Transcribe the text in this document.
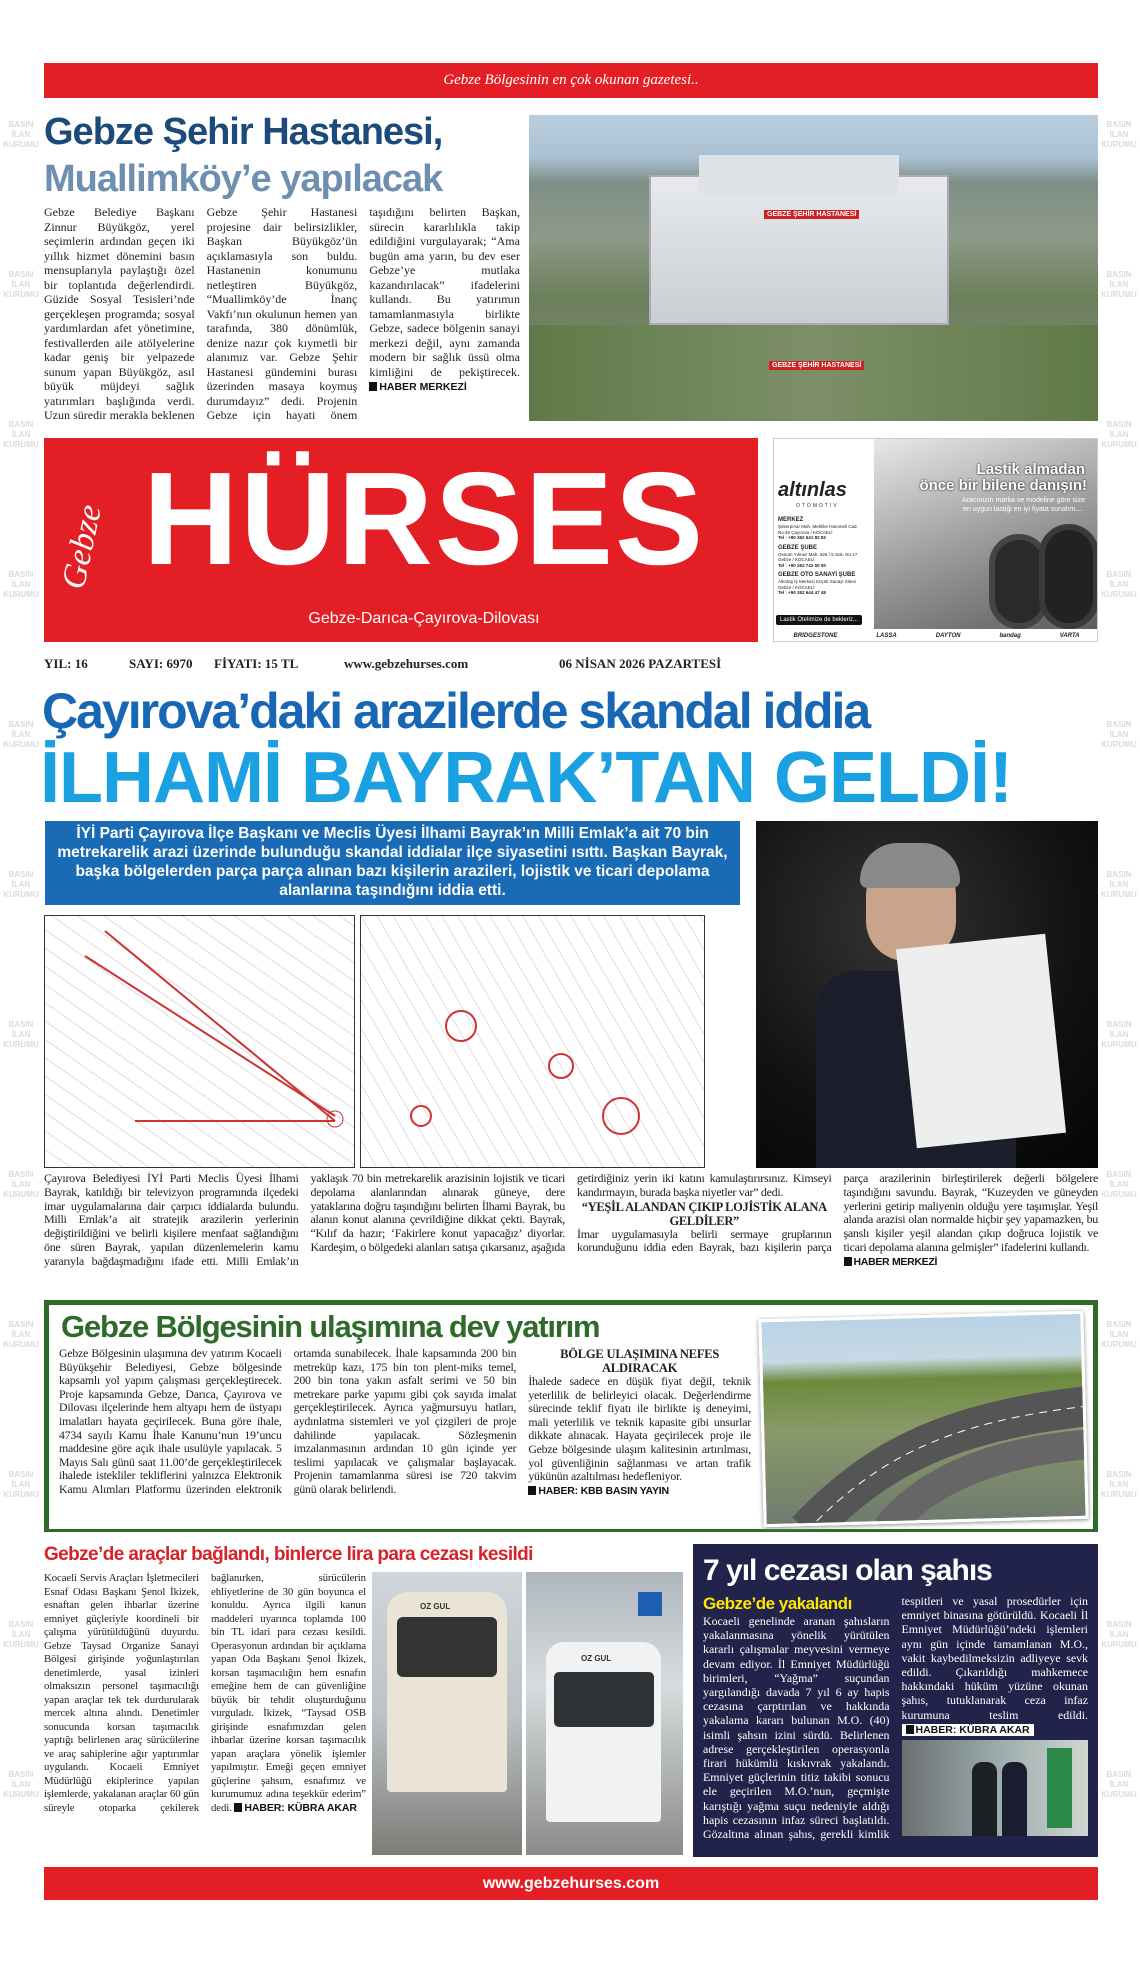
Gebze Bölgesinin en çok okunan gazetesi..
Gebze Şehir Hastanesi,
Muallimköy’e yapılacak
Gebze Belediye Başkanı Zinnur Büyükgöz, yerel seçimlerin ardından geçen iki yıllık hizmet dönemini basın mensuplarıyla paylaştığı özel bir toplantıda değerlendirdi. Güzide Sosyal Tesisleri’nde gerçekleşen programda; sosyal yardımlardan afet yönetimine, festivallerden aile atölyelerine kadar geniş bir yelpazede sunum yapan Büyükgöz, asıl büyük müjdeyi sağlık yatırımları başlığında verdi. Uzun süredir merakla beklenen Gebze Şehir Hastanesi projesine dair belirsizlikler, Başkan Büyükgöz’ün açıklamasıyla son buldu. Hastanenin konumunu netleştiren Büyükgöz, “Muallimköy’de İnanç Vakfı’nın okulunun hemen yan tarafında, 380 dönümlük, denize nazır çok kıymetli bir alanımız var. Gebze Şehir Hastanesi gündemini burası üzerinden masaya koymuş durumdayız” dedi. Projenin Gebze için hayati önem taşıdığını belirten Başkan, sürecin kararlılıkla takip edildiğini vurgulayarak; “Ama bugün ama yarın, bu dev eser Gebze’ye mutlaka kazandırılacak” ifadelerini kullandı. Bu yatırımın tamamlanmasıyla birlikte Gebze, sadece bölgenin sanayi merkezi değil, aynı zamanda modern bir sağlık üssü olma kimliğini de pekiştirecek. HABER MERKEZİ
GEBZE ŞEHİR HASTANESİ
GEBZE ŞEHİR HASTANESİ
Gebze HÜRSES
Gebze-Darıca-Çayırova-Dilovası
altınlas
OTOMOTİV
Lastik almadan
önce bir bilene danışın!
Aracınızın marka ve modeline göre size
en uygun lastiği en iyi fiyata sunalım....
MERKEZ
Şekerpınar Mah. Mehlike Hanımeli Cad. No:46 Çayırova / KOCAELİ
Tel : +90 262 641 82 82
GEBZE ŞUBE
Osman Yılmaz Mah. 626 / 5 Sok. No:17 Gebze / KOCAELİ
Tel : +90 262 742 00 00
GEBZE OTO SANAYİ ŞUBE
Altıntaş İş Merkezi Küçük Sanayi Sitesi Gebze / KOCAELİ
Tel : +90 262 644 47 48
Lastik Otelimize de bekleriz...
BRIDGESTONE	LASSA	DAYTON	bandag	VARTA
YIL: 16	SAYI: 6970 FİYATI: 15 TL	www.gebzehurses.com	06 NİSAN 2026 PAZARTESİ
Çayırova’daki arazilerde skandal iddia
İLHAMİ BAYRAK’TAN GELDİ!
İYİ Parti Çayırova İlçe Başkanı ve Meclis Üyesi İlhami Bayrak’ın Milli Emlak’a ait 70 bin metrekarelik arazi üzerinde bulunduğu skandal iddialar ilçe siyasetini ısıttı. Başkan Bayrak, başka bölgelerden parça parça alınan bazı kişilerin arazileri, lojistik ve ticari depolama alanlarına taşındığını iddia etti.
Çayırova Belediyesi İYİ Parti Meclis Üyesi İlhami Bayrak, katıldığı bir televizyon programında ilçedeki imar uygulamalarına dair çarpıcı iddialarda bulundu. Milli Emlak’a ait stratejik arazilerin yerlerinin değiştirildiğini ve belirli kişilere menfaat sağlandığını öne süren Bayrak, yapılan düzenlemelerin kamu yararıyla bağdaşmadığını ifade etti. Milli Emlak’ın yaklaşık 70 bin metrekarelik arazisinin lojistik ve ticari depolama alanlarından alınarak güneye, dere yataklarına doğru taşındığını belirten İlhami Bayrak, bu alanın konut alanına çevrildiğine dikkat çekti. Bayrak, “Kılıf da hazır; ‘Fakirlere konut yapacağız’ diyorlar. Kardeşim, o bölgedeki alanları satışa çıkarsanız, aşağıda getirdiğiniz yerin iki katını kamulaştırırsınız. Kimseyi kandırmayın, burada başka niyetler var” dedi.
“YEŞİL ALANDAN ÇIKIP LOJİSTİK ALANA GELDİLER”
İmar uygulamasıyla belirli sermaye gruplarının korunduğunu iddia eden Bayrak, bazı kişilerin parça parça arazilerinin birleştirilerek değerli bölgelere taşındığını savundu. Bayrak, “Kuzeyden ve güneyden yerlerini getirip maliyenin olduğu yere taşımışlar. Yeşil alanda arazisi olan normalde hiçbir şey yapamazken, bu şanslı kişiler yeşil alandan çıkıp doğruca lojistik ve ticari depolama alanına gelmişler” ifadelerini kullandı.
HABER MERKEZİ
Gebze Bölgesinin ulaşımına dev yatırım
Gebze Bölgesinin ulaşımına dev yatırım Kocaeli Büyükşehir Belediyesi, Gebze bölgesinde kapsamlı yol yapım çalışması gerçekleştirecek. Proje kapsamında Gebze, Darıca, Çayırova ve Dilovası ilçelerinde hem altyapı hem de üstyapı imalatları hayata geçirilecek. Buna göre ihale, 4734 sayılı Kamu İhale Kanunu’nun 19’uncu maddesine göre açık ihale usulüyle yapılacak. 5 Mayıs Salı günü saat 11.00’de gerçekleştirilecek ihalede istekliler tekliflerini yalnızca Elektronik Kamu Alımları Platformu üzerinden elektronik ortamda sunabilecek. İhale kapsamında 200 bin metreküp kazı, 175 bin ton plent-miks temel, 200 bin tona yakın asfalt serimi ve 50 bin metrekare parke yapımı gibi çok sayıda imalat gerçekleştirilecek. Ayrıca yağmursuyu hatları, aydınlatma sistemleri ve yol çizgileri de proje dahilinde yapılacak. Sözleşmenin imzalanmasının ardından 10 gün içinde yer teslimi yapılacak ve çalışmalar başlayacak. Projenin tamamlanma süresi ise 720 takvim günü olarak belirlendi.
BÖLGE ULAŞIMINA NEFES ALDIRACAK
İhalede sadece en düşük fiyat değil, teknik yeterlilik de belirleyici olacak. Değerlendirme sürecinde teklif fiyatı ile birlikte iş deneyimi, mali yeterlilik ve teknik kapasite gibi unsurlar dikkate alınacak. Hayata geçirilecek proje ile Gebze bölgesinde ulaşım kalitesinin artırılması, yol güvenliğinin sağlanması ve artan trafik yükünün azaltılması hedefleniyor.
HABER: KBB BASIN YAYIN
Gebze’de araçlar bağlandı, binlerce lira para cezası kesildi
Kocaeli Servis Araçları İşletmecileri Esnaf Odası Başkanı Şenol İkizek, esnaftan gelen ihbarlar üzerine emniyet güçleriyle koordineli bir çalışma yürütüldüğünü duyurdu. Gebze Taysad Organize Sanayi Bölgesi girişinde yoğunlaştırılan denetimlerde, yasal izinleri olmaksızın personel taşımacılığı yapan araçlar tek tek durdurularak mercek altına alındı. Denetimler sonucunda korsan taşımacılık yaptığı belirlenen araç sürücülerine ve araç sahiplerine ağır yaptırımlar uygulandı. Kocaeli Emniyet Müdürlüğü ekiplerince yapılan işlemlerde, yakalanan araçlar 60 gün süreyle otoparka çekilerek bağlanırken, sürücülerin ehliyetlerine de 30 gün boyunca el konuldu. Ayrıca ilgili kanun maddeleri uyarınca toplamda 100 bin TL idari para cezası kesildi. Operasyonun ardından bir açıklama yapan Oda Başkanı Şenol İkizek, korsan taşımacılığın hem esnafın emeğine hem de can güvenliğine büyük bir tehdit oluşturduğunu vurguladı. İkizek, “Taysad OSB girişinde esnafımızdan gelen ihbarlar üzerine korsan taşımacılık yapan araçlara yönelik işlemler yapılmıştır. Emeği geçen emniyet güçlerine şahsım, esnafımız ve kurumumuz adına teşekkür ederim” dedi. HABER: KÜBRA AKAR
OZ GUL
OZ GUL
7 yıl cezası olan şahıs
Gebze’de yakalandı
Kocaeli genelinde aranan şahısların yakalanmasına yönelik yürütülen kararlı çalışmalar meyvesini vermeye devam ediyor. İl Emniyet Müdürlüğü birimleri, “Yağma” suçundan yargılandığı davada 7 yıl 6 ay hapis cezasına çarptırılan ve hakkında yakalama kararı bulunan M.O. (40) isimli şahsın izini sürdü. Belirlenen adrese gerçekleştirilen operasyonla firari hükümlü kıskıvrak yakalandı. Emniyet güçlerinin titiz takibi sonucu ele geçirilen M.O.’nun, geçmişte karıştığı yağma suçu nedeniyle aldığı hapis cezasının infaz süreci başlatıldı. Gözaltına alınan şahıs, gerekli kimlik tespitleri ve yasal prosedürler için emniyet binasına götürüldü. Kocaeli İl Emniyet Müdürlüğü’ndeki işlemleri aynı gün içinde tamamlanan M.O., vakit kaybedilmeksizin adliyeye sevk edildi. Çıkarıldığı mahkemece hakkındaki hüküm yüzüne okunan şahıs, tutuklanarak ceza infaz kurumuna teslim edildi. HABER: KÜBRA AKAR
www.gebzehurses.com
BASIN İLAN KURUMU
BASIN İLAN KURUMU
BASIN İLAN KURUMU
BASIN İLAN KURUMU
BASIN İLAN KURUMU
BASIN İLAN KURUMU
BASIN İLAN KURUMU
BASIN İLAN KURUMU
BASIN İLAN KURUMU
BASIN İLAN KURUMU
BASIN İLAN KURUMU
BASIN İLAN KURUMU
BASIN İLAN KURUMU
BASIN İLAN KURUMU
BASIN İLAN KURUMU
BASIN İLAN KURUMU
BASIN İLAN KURUMU
BASIN İLAN KURUMU
BASIN İLAN KURUMU
BASIN İLAN KURUMU
BASIN İLAN KURUMU
BASIN İLAN KURUMU
BASIN İLAN KURUMU
BASIN İLAN KURUMU
